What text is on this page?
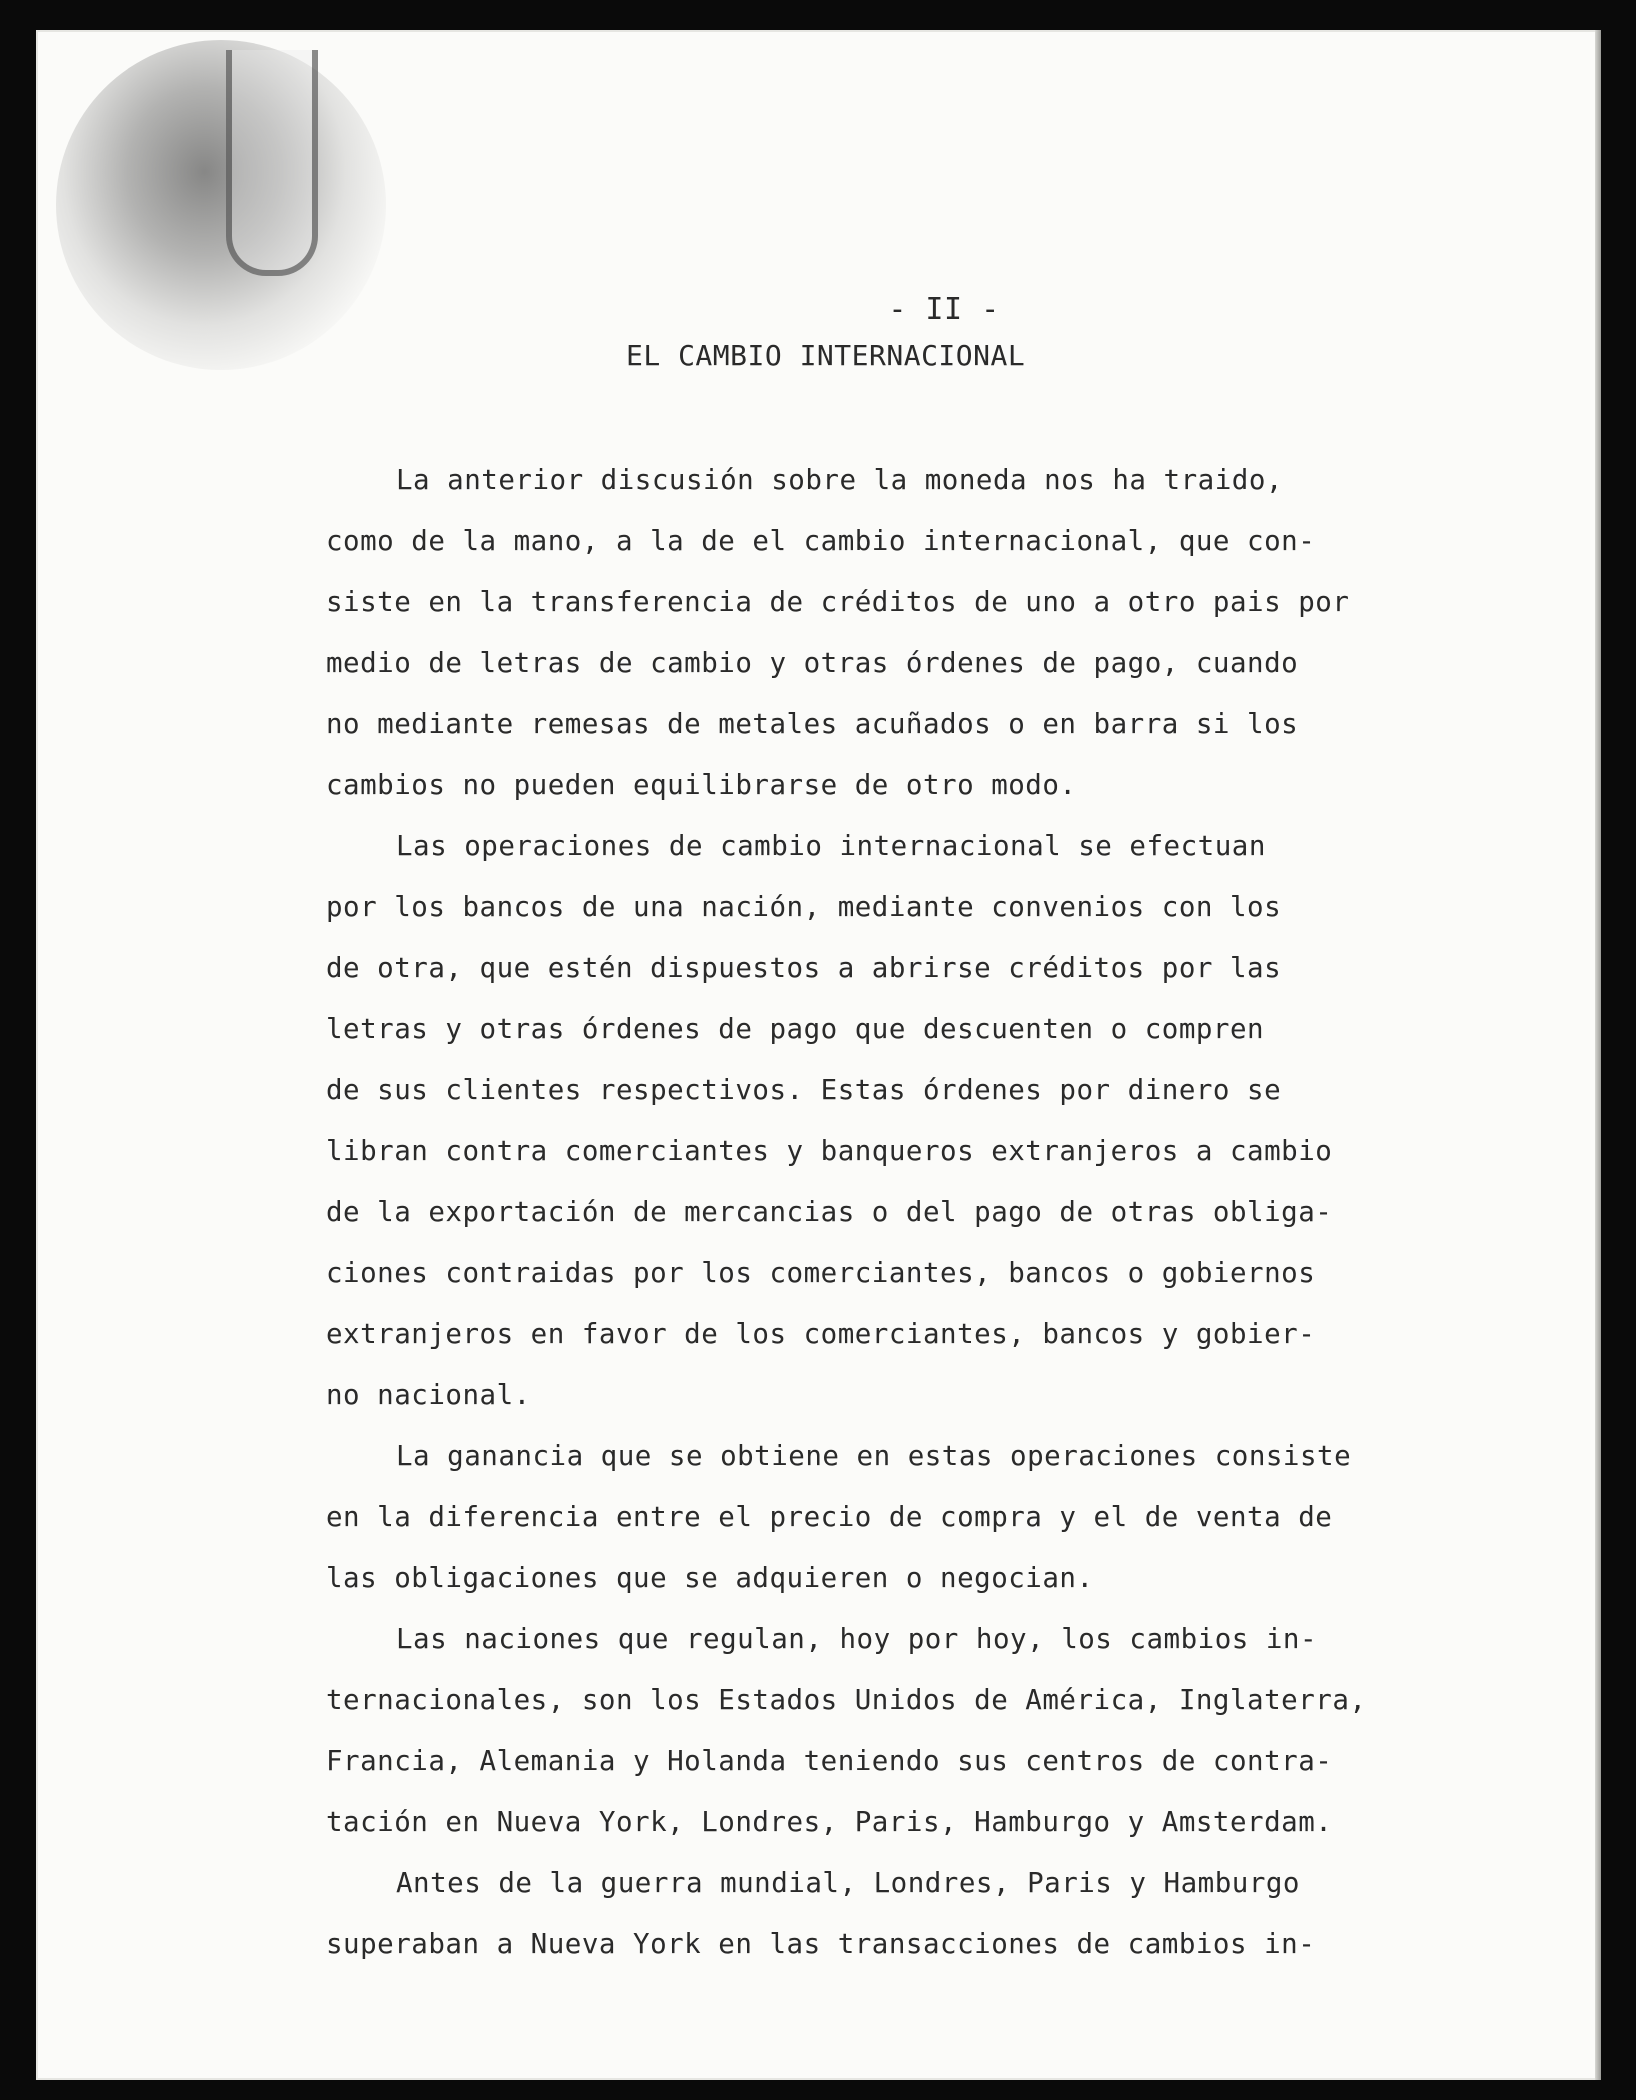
- II -
EL CAMBIO INTERNACIONAL
La anterior discusión sobre la moneda nos ha traido,
como de la mano, a la de el cambio internacional, que con-
siste en la transferencia de créditos de uno a otro pais por
medio de letras de cambio y otras órdenes de pago, cuando
no mediante remesas de metales acuñados o en barra si los
cambios no pueden equilibrarse de otro modo.
Las operaciones de cambio internacional se efectuan
por los bancos de una nación, mediante convenios con los
de otra, que estén dispuestos a abrirse créditos por las
letras y otras órdenes de pago que descuenten o compren
de sus clientes respectivos. Estas órdenes por dinero se
libran contra comerciantes y banqueros extranjeros a cambio
de la exportación de mercancias o del pago de otras obliga-
ciones contraidas por los comerciantes, bancos o gobiernos
extranjeros en favor de los comerciantes, bancos y gobier-
no nacional.
La ganancia que se obtiene en estas operaciones consiste
en la diferencia entre el precio de compra y el de venta de
las obligaciones que se adquieren o negocian.
Las naciones que regulan, hoy por hoy, los cambios in-
ternacionales, son los Estados Unidos de América, Inglaterra,
Francia, Alemania y Holanda teniendo sus centros de contra-
tación en Nueva York, Londres, Paris, Hamburgo y Amsterdam.
Antes de la guerra mundial, Londres, Paris y Hamburgo
superaban a Nueva York en las transacciones de cambios in-
